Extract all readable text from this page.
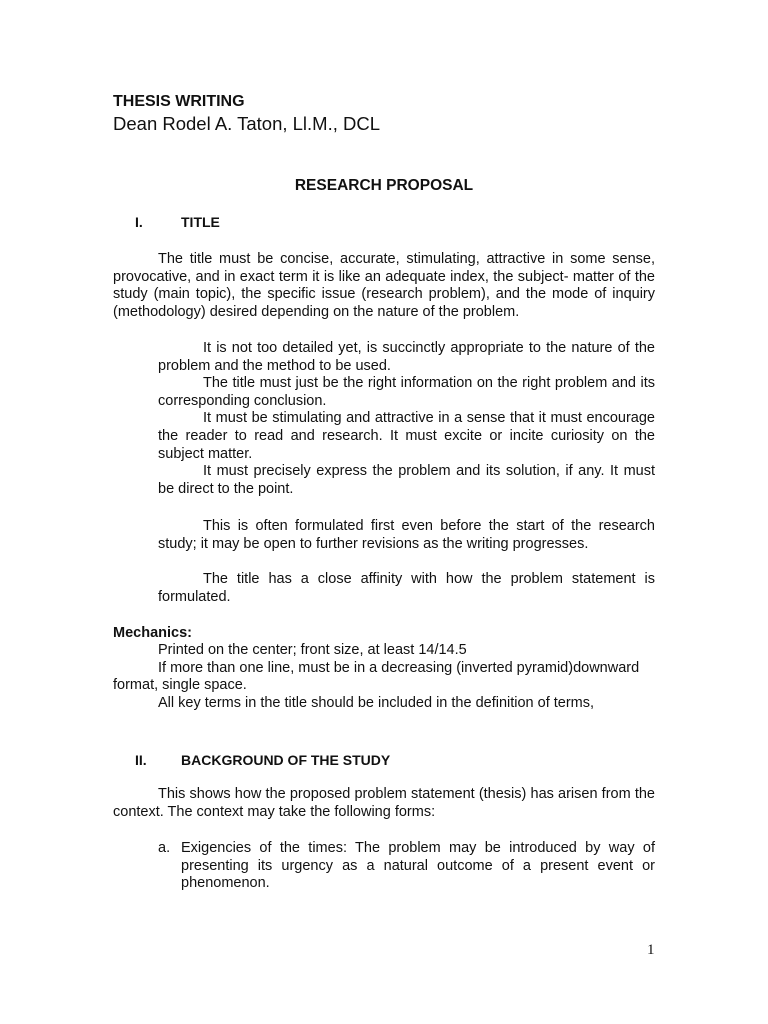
THESIS WRITING
Dean Rodel A. Taton, Ll.M., DCL
RESEARCH PROPOSAL
I.	TITLE

The title must be concise, accurate, stimulating, attractive in some sense, provocative, and in exact term it is like an adequate index, the subject- matter of the study (main topic), the specific issue (research problem), and the mode of inquiry (methodology) desired depending on the nature of the problem.

It is not too detailed yet, is succinctly appropriate to the nature of the problem and the method to be used.

The title must just be the right information on the right problem and its corresponding conclusion.

It must be stimulating and attractive in a sense that it must encourage the reader to read and research. It must excite or incite curiosity on the subject matter.

It must precisely express the problem and its solution, if any. It must be direct to the point.

This is often formulated first even before the start of the research study; it may be open to further revisions as the writing progresses.

The title has a close affinity with how the problem statement is formulated.

Mechanics:

Printed on the center; front size, at least 14/14.5

If more than one line, must be in a decreasing (inverted pyramid)downward format, single space.

All key terms in the title should be included in the definition of terms,

II. BACKGROUND OF THE STUDY

This shows how the proposed problem statement (thesis) has arisen from the context. The context may take the following forms:

a. Exigencies of the times: The problem may be introduced by way of presenting its urgency as a natural outcome of a present event or phenomenon.

1
